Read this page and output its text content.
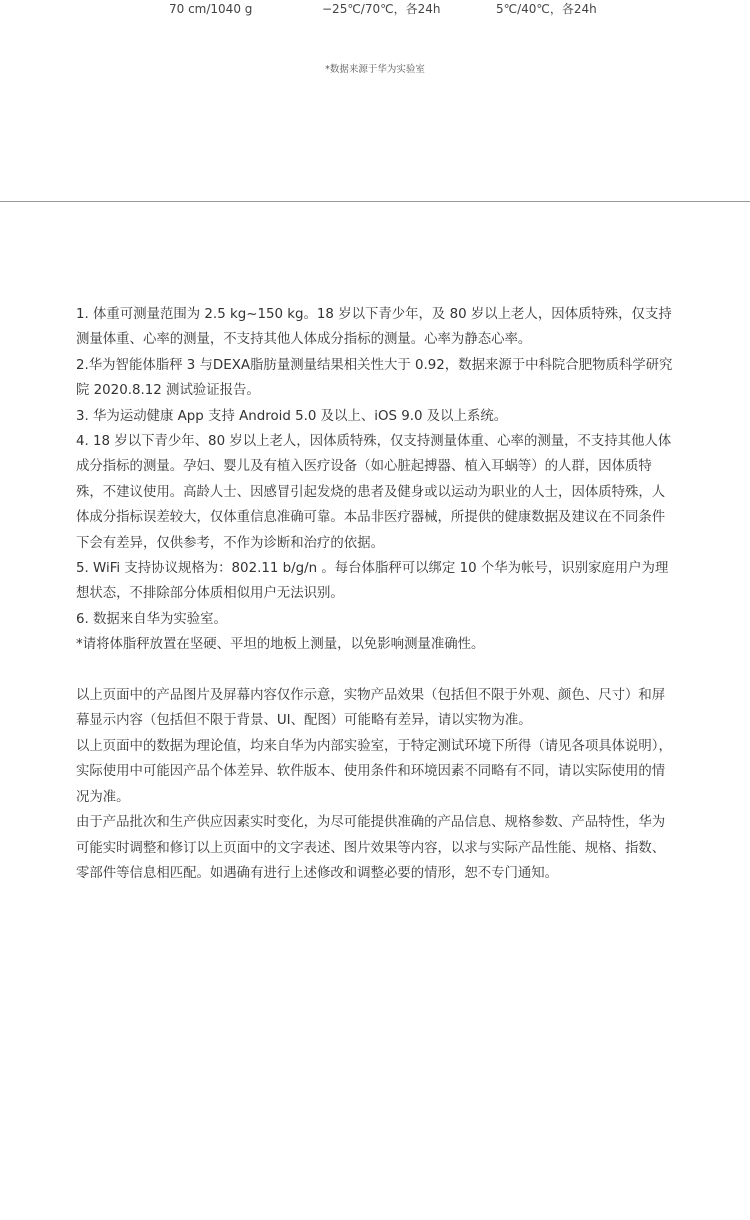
70 cm/1040 g	−25℃/70℃，各24h	5℃/40℃，各24h
*数据来源于华为实验室

1. 体重可测量范围为 2.5 kg~150 kg。18 岁以下青少年，及 80 岁以上老人，因体质特殊，仅支持测量体重、心率的测量，不支持其他人体成分指标的测量。心率为静态心率。

2.华为智能体脂秤 3 与DEXA脂肪量测量结果相关性大于 0.92，数据来源于中科院合肥物质科学研究院 2020.8.12 测试验证报告。

3. 华为运动健康 App 支持 Android 5.0 及以上、iOS 9.0 及以上系统。

4. 18 岁以下青少年、80 岁以上老人，因体质特殊，仅支持测量体重、心率的测量，不支持其他人体成分指标的测量。孕妇、婴儿及有植入医疗设备（如心脏起搏器、植入耳蜗等）的人群，因体质特殊，不建议使用。高龄人士、因感冒引起发烧的患者及健身或以运动为职业的人士，因体质特殊，人体成分指标误差较大，仅体重信息准确可靠。本品非医疗器械，所提供的健康数据及建议在不同条件下会有差异，仅供参考，不作为诊断和治疗的依据。

5. WiFi 支持协议规格为：802.11 b/g/n 。每台体脂秤可以绑定 10 个华为帐号，识别家庭用户为理想状态，不排除部分体质相似用户无法识别。

6. 数据来自华为实验室。

*请将体脂秤放置在坚硬、平坦的地板上测量，以免影响测量准确性。

以上页面中的产品图片及屏幕内容仅作示意，实物产品效果（包括但不限于外观、颜色、尺寸）和屏幕显示内容（包括但不限于背景、UI、配图）可能略有差异，请以实物为准。

以上页面中的数据为理论值，均来自华为内部实验室，于特定测试环境下所得（请见各项具体说明），实际使用中可能因产品个体差异、软件版本、使用条件和环境因素不同略有不同，请以实际使用的情况为准。

由于产品批次和生产供应因素实时变化，为尽可能提供准确的产品信息、规格参数、产品特性，华为可能实时调整和修订以上页面中的文字表述、图片效果等内容，以求与实际产品性能、规格、指数、零部件等信息相匹配。如遇确有进行上述修改和调整必要的情形，恕不专门通知。
